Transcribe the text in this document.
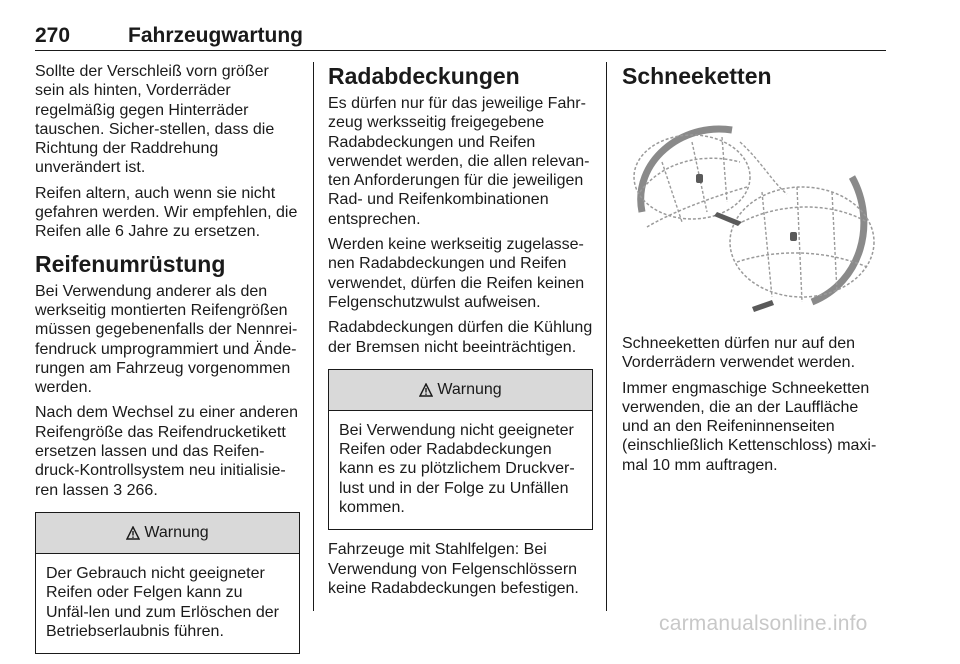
270	Fahrzeugwartung

Sollte der Verschleiß vorn größer sein als hinten, Vorderräder regelmäßig gegen Hinterräder tauschen. Sicher‐stellen, dass die Richtung der Raddrehung unverändert ist.

Reifen altern, auch wenn sie nicht gefahren werden. Wir empfehlen, die Reifen alle 6 Jahre zu ersetzen.

Reifenumrüstung

Bei Verwendung anderer als den werkseitig montierten Reifengrößen müssen gegebenenfalls der Nennrei‐fendruck umprogrammiert und Ände‐rungen am Fahrzeug vorgenommen werden.

Nach dem Wechsel zu einer anderen Reifengröße das Reifendrucketikett ersetzen lassen und das Reifen‐druck-Kontrollsystem neu initialisie‐ren lassen 3 266.

Warnung

Der Gebrauch nicht geeigneter Reifen oder Felgen kann zu Unfäl‐len und zum Erlöschen der Betriebserlaubnis führen.

Radabdeckungen

Es dürfen nur für das jeweilige Fahr‐zeug werksseitig freigegebene Radabdeckungen und Reifen verwendet werden, die allen relevan‐ten Anforderungen für die jeweiligen Rad- und Reifenkombinationen entsprechen.

Werden keine werkseitig zugelasse‐nen Radabdeckungen und Reifen verwendet, dürfen die Reifen keinen Felgenschutzwulst aufweisen.

Radabdeckungen dürfen die Kühlung der Bremsen nicht beeinträchtigen.

Warnung

Bei Verwendung nicht geeigneter Reifen oder Radabdeckungen kann es zu plötzlichem Druckver‐lust und in der Folge zu Unfällen kommen.

Fahrzeuge mit Stahlfelgen: Bei Verwendung von Felgenschlössern keine Radabdeckungen befestigen.

Schneeketten

Schneeketten dürfen nur auf den Vorderrädern verwendet werden.

Immer engmaschige Schneeketten verwenden, die an der Lauffläche und an den Reifeninnenseiten (einschließlich Kettenschloss) maxi‐mal 10 mm auftragen.

carmanualsonline.info
